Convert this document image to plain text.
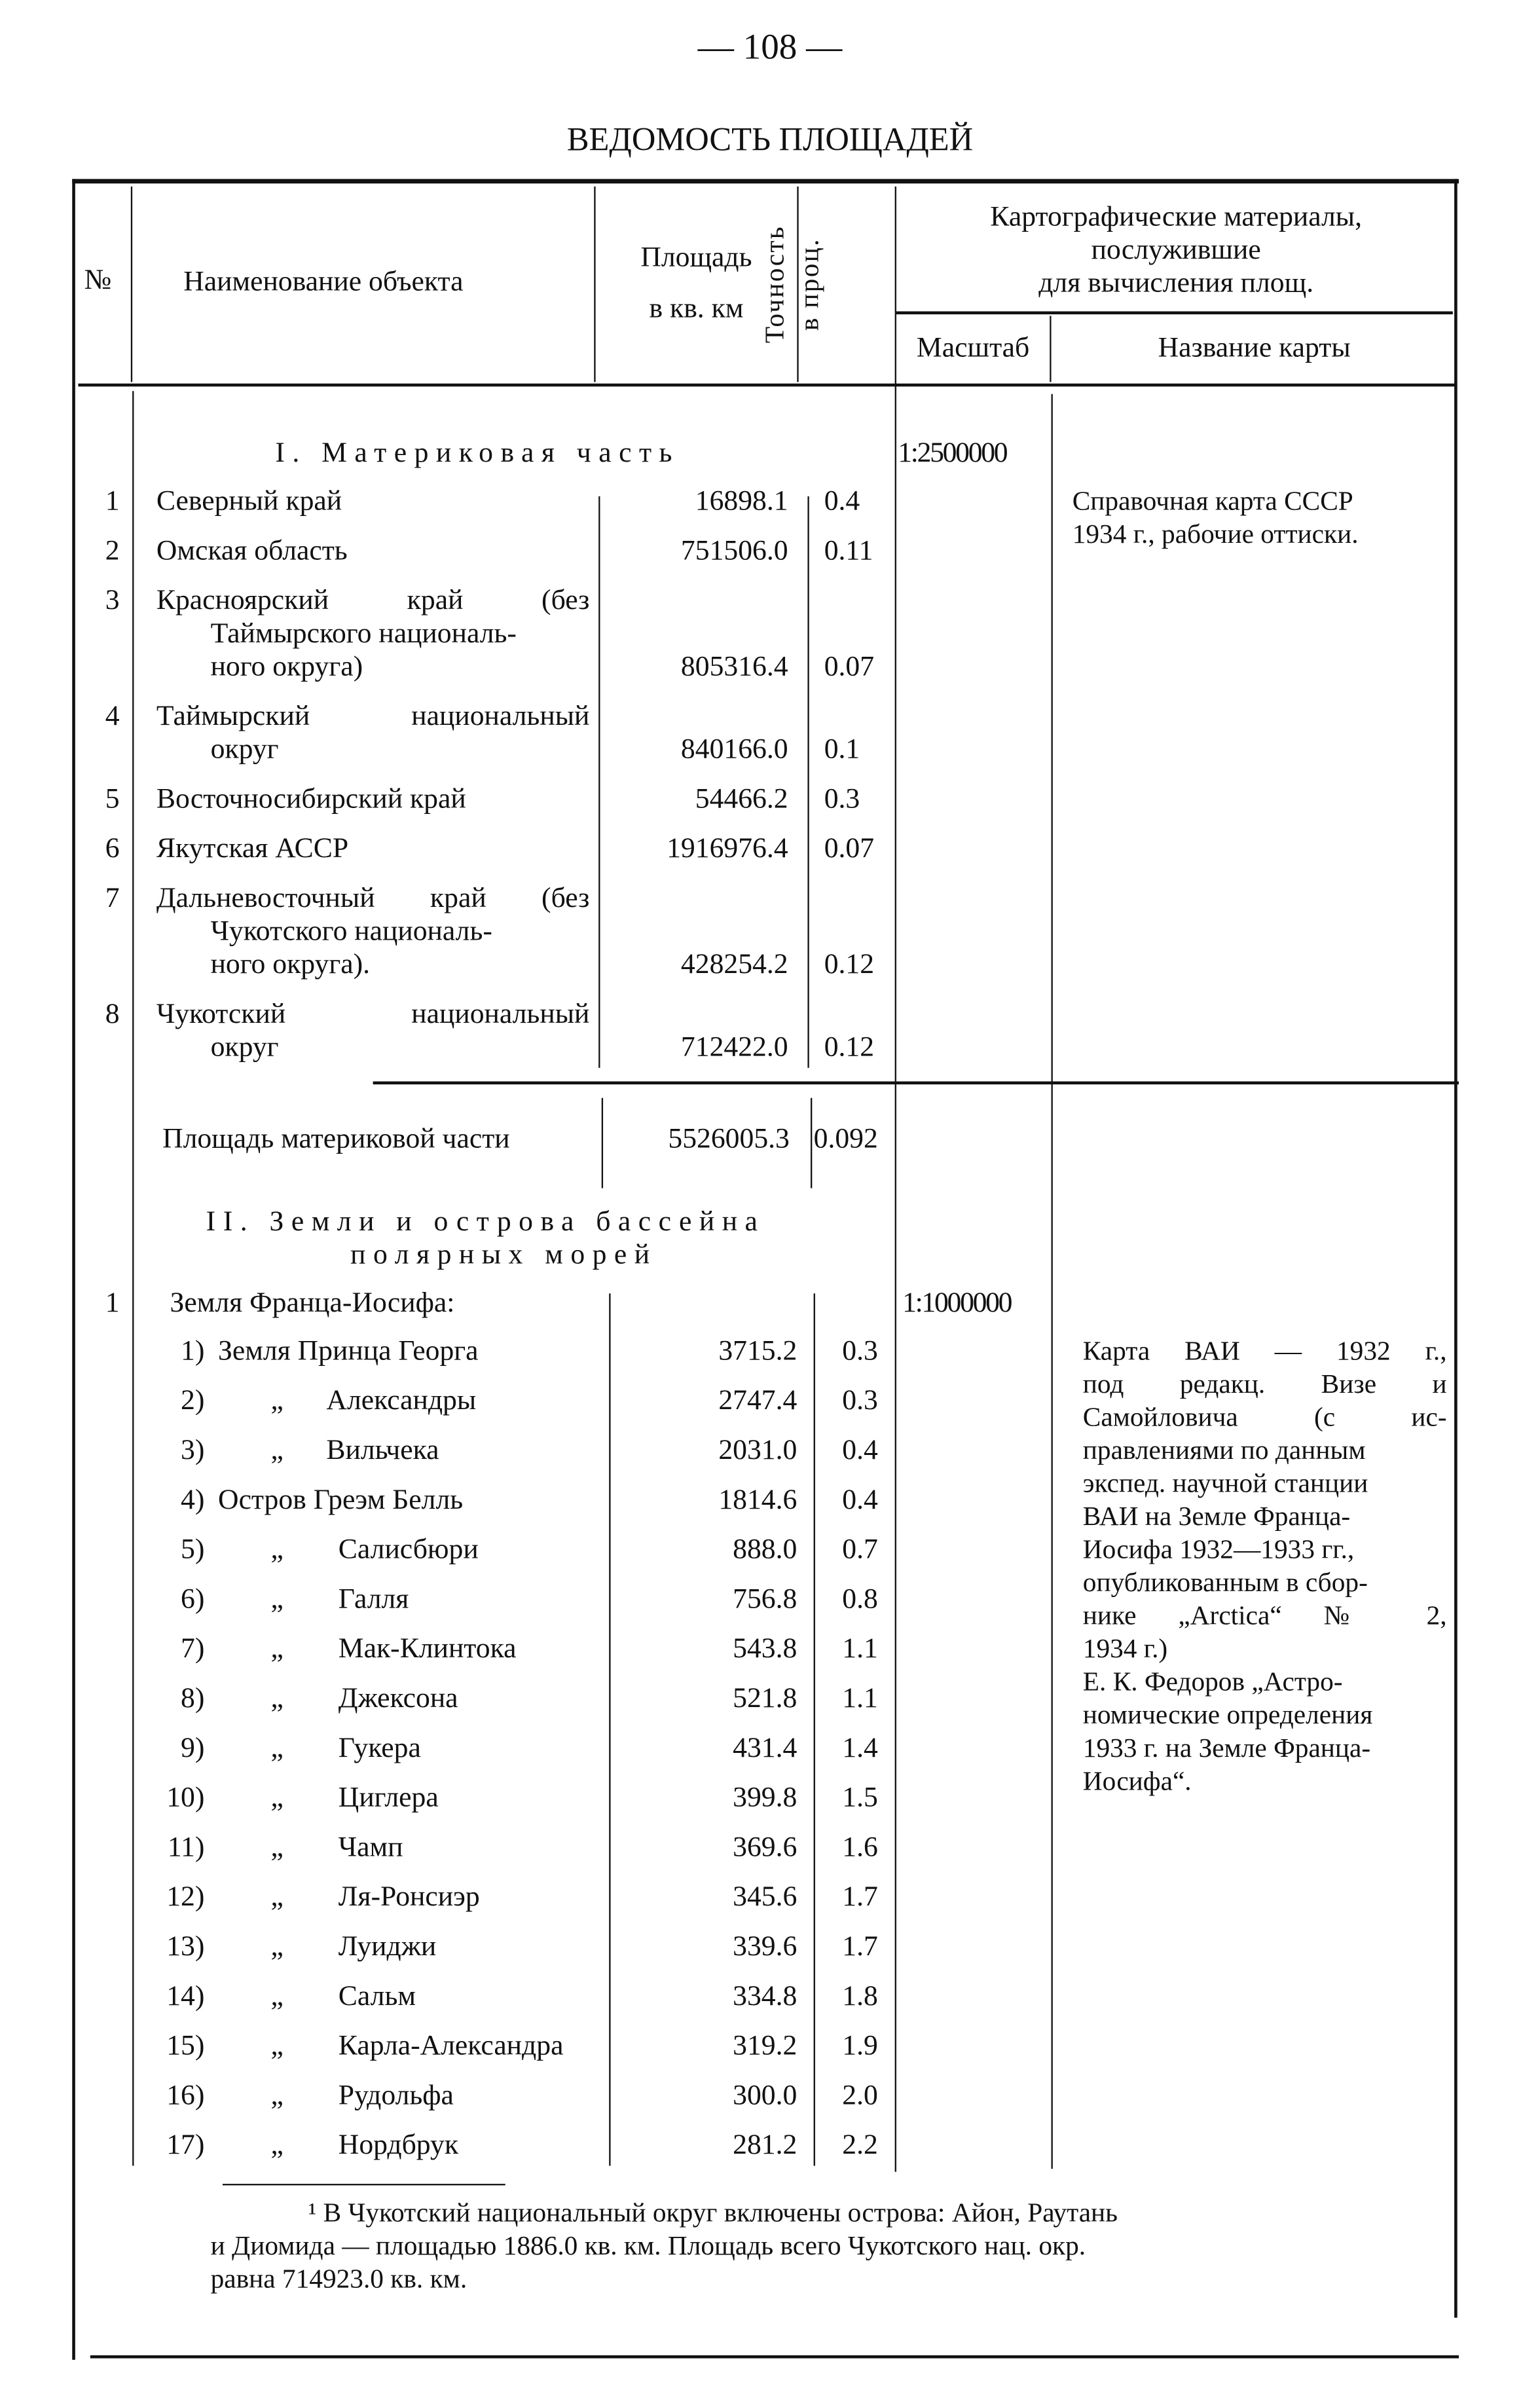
— 108 —
ВЕДОМОСТЬ ПЛОЩАДЕЙ
№	Наименование объекта
Площадь
в кв. км	Точность в проц.
Картографические материалы,
послужившие
для вычисления площ.
Масштаб	Название карты
I. Материковая часть	1:2500000
Справочная карта СССР
1934 г., рабочие оттиски.
1	Северный край	16898.1	0.4
2	Омская область	751506.0	0.11
3	Красноярский край (без
Таймырского националь-
ного округа)	805316.4	0.07
4	Таймырский национальный
округ	840166.0	0.1
5	Восточносибирский край	54466.2	0.3
6	Якутская АССР	1916976.4	0.07
7	Дальневосточный край (без
Чукотского националь-
ного округа).	428254.2	0.12
8	Чукотский национальный
округ	712422.0	0.12
Площадь материковой части	5526005.3 0.092
II. Земли и острова бассейна
полярных морей
1	Земля Франца-Иосифа:	1:1000000
Карта ВАИ — 1932 г.,
под редакц. Визе и
Самойловича (с ис-
правлениями по данным
экспед. научной станции
ВАИ на Земле Франца-
Иосифа 1932—1933 гг.,
опубликованным в сбор-
нике „Arctica“ № 2,
1934 г.)
Е. К. Федоров „Астро-
номические определения
1933 г. на Земле Франца-
Иосифа“.
1) Земля Принца Георга	3715.2	0.3
2)	„	Александры	2747.4	0.3
3)	„	Вильчека	2031.0	0.4
4) Остров Греэм Белль	1814.6	0.4
5)	„	Салисбюри	888.0	0.7
6)	„	Галля	756.8	0.8
7)	„	Мак-Клинтока	543.8	1.1
8)	„	Джексона	521.8	1.1
9)	„	Гукера	431.4	1.4
10)	„	Циглера	399.8	1.5
11)	„	Чамп	369.6	1.6
12)	„	Ля-Ронсиэр	345.6	1.7
13)	„	Луиджи	339.6	1.7
14)	„	Сальм	334.8	1.8
15)	„	Карла-Александра	319.2	1.9
16)	„	Рудольфа	300.0	2.0
17)	„	Нордбрук	281.2	2.2
¹ В Чукотский национальный округ включены острова: Айон, Раутань
и Диомида — площадью 1886.0 кв. км. Площадь всего Чукотского нац. окр.
равна 714923.0 кв. км.
